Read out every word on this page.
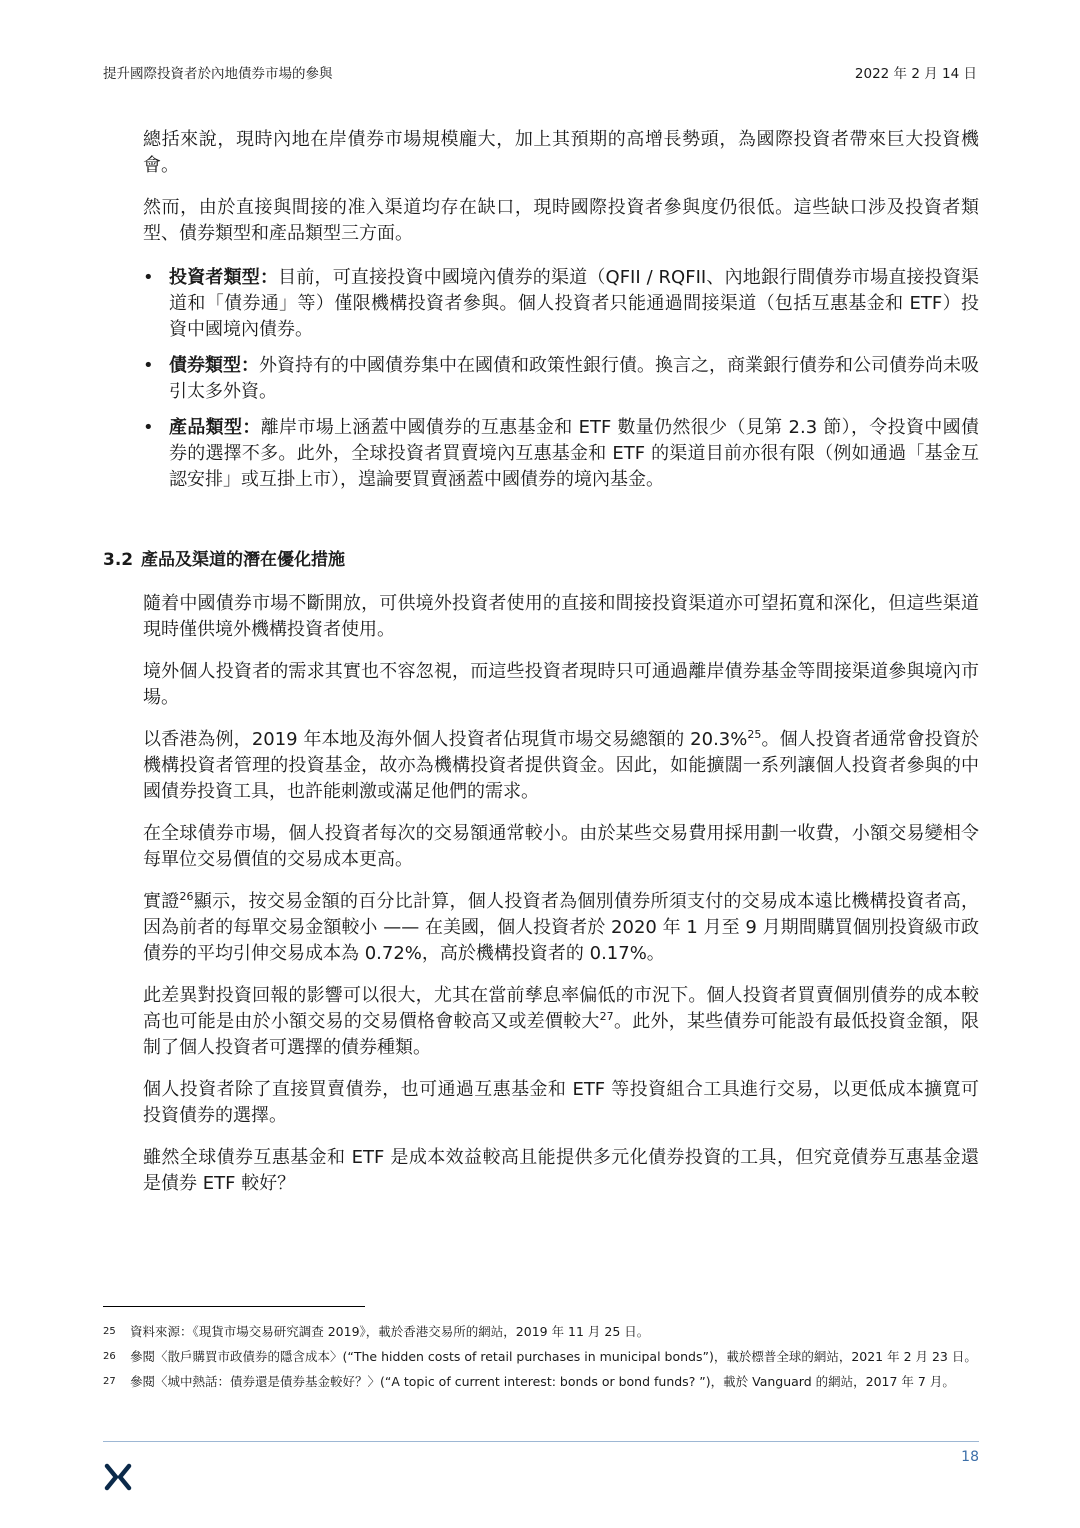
提升國際投資者於內地債券市場的參與	2022 年 2 月 14 日

總括來說，現時內地在岸債券市場規模龐大，加上其預期的高增長勢頭，為國際投資者帶來巨大投資機會。

然而，由於直接與間接的准入渠道均存在缺口，現時國際投資者參與度仍很低。這些缺口涉及投資者類型、債券類型和產品類型三方面。

• 投資者類型：目前，可直接投資中國境內債券的渠道（QFII / RQFII、內地銀行間債券市場直接投資渠道和「債券通」等）僅限機構投資者參與。個人投資者只能通過間接渠道（包括互惠基金和 ETF）投資中國境內債券。
• 債券類型：外資持有的中國債券集中在國債和政策性銀行債。換言之，商業銀行債券和公司債券尚未吸引太多外資。
• 產品類型：離岸市場上涵蓋中國債券的互惠基金和 ETF 數量仍然很少（見第 2.3 節），令投資中國債券的選擇不多。此外，全球投資者買賣境內互惠基金和 ETF 的渠道目前亦很有限（例如通過「基金互認安排」或互掛上市），遑論要買賣涵蓋中國債券的境內基金。
3.2 產品及渠道的潛在優化措施

隨着中國債券市場不斷開放，可供境外投資者使用的直接和間接投資渠道亦可望拓寬和深化，但這些渠道現時僅供境外機構投資者使用。

境外個人投資者的需求其實也不容忽視，而這些投資者現時只可通過離岸債券基金等間接渠道參與境內市場。

以香港為例，2019 年本地及海外個人投資者佔現貨市場交易總額的 20.3%$^{25}$。個人投資者通常會投資於機構投資者管理的投資基金，故亦為機構投資者提供資金。因此，如能擴闊一系列讓個人投資者參與的中國債券投資工具，也許能刺激或滿足他們的需求。

在全球債券市場，個人投資者每次的交易額通常較小。由於某些交易費用採用劃一收費，小額交易變相令每單位交易價值的交易成本更高。

實證$^{26}$顯示，按交易金額的百分比計算，個人投資者為個別債券所須支付的交易成本遠比機構投資者高，因為前者的每單交易金額較小 —— 在美國，個人投資者於 2020 年 1 月至 9 月期間購買個別投資級市政債券的平均引伸交易成本為 0.72%，高於機構投資者的 0.17%。

此差異對投資回報的影響可以很大，尤其在當前孳息率偏低的市況下。個人投資者買賣個別債券的成本較高也可能是由於小額交易的交易價格會較高又或差價較大$^{27}$。此外，某些債券可能設有最低投資金額，限制了個人投資者可選擇的債券種類。

個人投資者除了直接買賣債券，也可通過互惠基金和 ETF 等投資組合工具進行交易，以更低成本擴寬可投資債券的選擇。

雖然全球債券互惠基金和 ETF 是成本效益較高且能提供多元化債券投資的工具，但究竟債券互惠基金還是債券 ETF 較好？

25 資料來源：《現貨市場交易研究調查 2019》，載於香港交易所的網站，2019 年 11 月 25 日。
26 參閱〈散戶購買市政債券的隱含成本〉(“The hidden costs of retail purchases in municipal bonds”)，載於標普全球的網站，2021 年 2 月 23 日。
27 參閱〈城中熱話：債券還是債券基金較好？〉(“A topic of current interest: bonds or bond funds? ”)，載於 Vanguard 的網站，2017 年 7 月。
18
